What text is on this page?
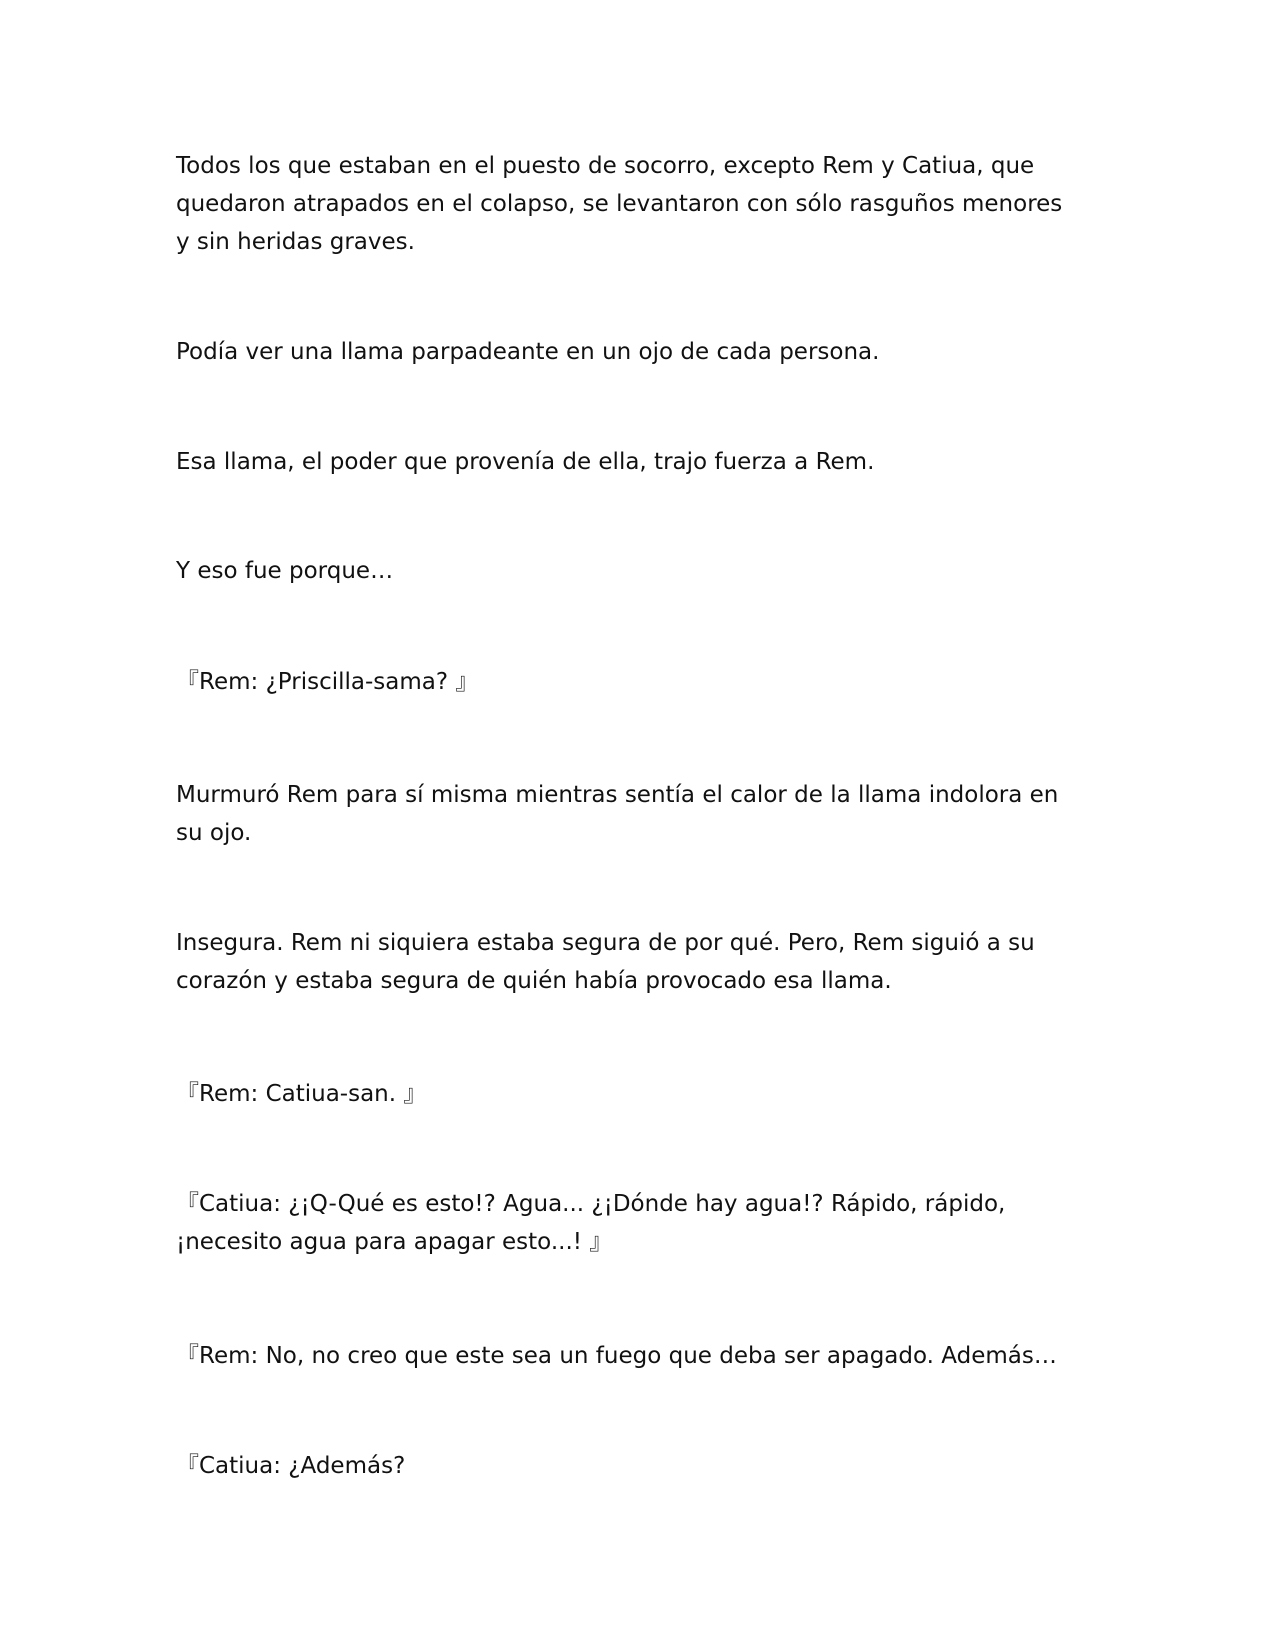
Todos los que estaban en el puesto de socorro, excepto Rem y Catiua, que
quedaron atrapados en el colapso, se levantaron con sólo rasguños menores
y sin heridas graves.

Podía ver una llama parpadeante en un ojo de cada persona.

Esa llama, el poder que provenía de ella, trajo fuerza a Rem.

Y eso fue porque…

『Rem: ¿Priscilla-sama? 』

Murmuró Rem para sí misma mientras sentía el calor de la llama indolora en
su ojo.

Insegura. Rem ni siquiera estaba segura de por qué. Pero, Rem siguió a su
corazón y estaba segura de quién había provocado esa llama.

『Rem: Catiua-san. 』

『Catiua: ¿¡Q-Qué es esto!? Agua... ¿¡Dónde hay agua!? Rápido, rápido,
¡necesito agua para apagar esto...! 』

『Rem: No, no creo que este sea un fuego que deba ser apagado. Además…

『Catiua: ¿Además?
